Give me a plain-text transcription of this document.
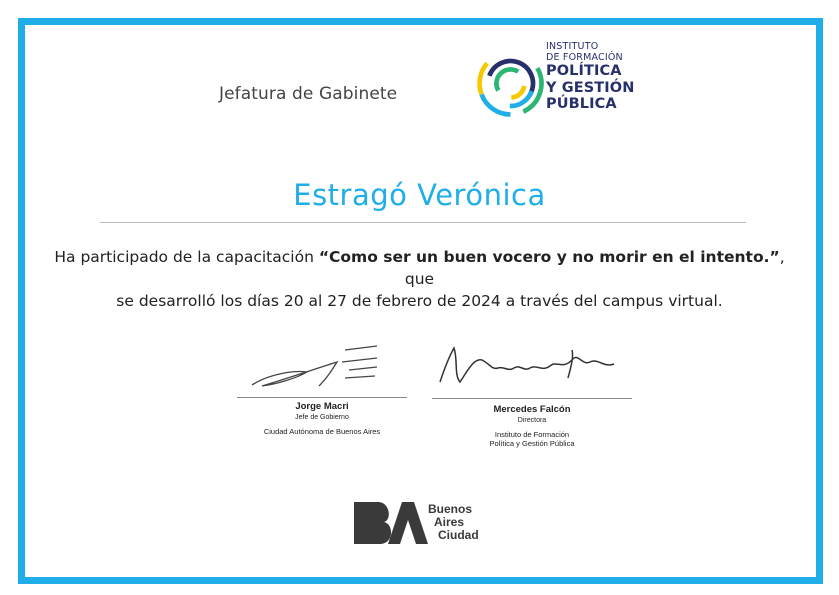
Jefatura de Gabinete
INSTITUTO
DE FORMACIÓN
POLÍTICA
Y GESTIÓN
PÚBLICA
Estragó Verónica
Ha participado de la capacitación “Como ser un buen vocero y no morir en el intento.”, que
se desarrolló los días 20 al 27 de febrero de 2024 a través del campus virtual.
Jorge Macri
Jefe de Gobierno
Ciudad Autónoma de Buenos Aires
Mercedes Falcón
Directora
Instituto de Formación
Política y Gestión Pública
Buenos
Aires
Ciudad
